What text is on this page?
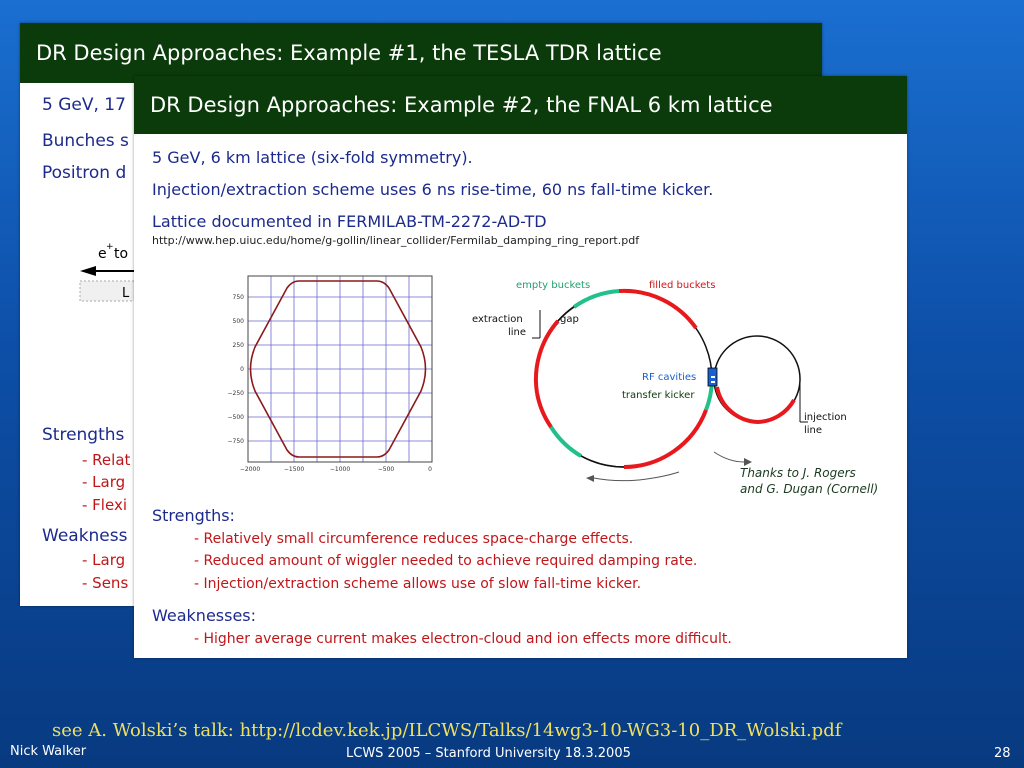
DR Design Approaches: Example #1, the TESLA TDR lattice
5 GeV, 17
Bunches s
Positron d
e + to
L
Strengths
- Relat
- Larg
- Flexi
Weakness
- Larg
- Sens
DR Design Approaches: Example #2, the FNAL 6 km lattice
5 GeV, 6 km lattice (six-fold symmetry).
Injection/extraction scheme uses 6 ns rise-time, 60 ns fall-time kicker.
Lattice documented in FERMILAB-TM-2272-AD-TD
http://www.hep.uiuc.edu/home/g-gollin/linear_collider/Fermilab_damping_ring_report.pdf
750
500
250
0
−250
−500
−750
−2000	−1500	−1000	−500	0
empty buckets	filled buckets
extraction
line
gap
RF cavities
transfer kicker
injection
line
Thanks to J. Rogers
and G. Dugan (Cornell)
Strengths:
- Relatively small circumference reduces space-charge effects.
- Reduced amount of wiggler needed to achieve required damping rate.
- Injection/extraction scheme allows use of slow fall-time kicker.
Weaknesses:
- Higher average current makes electron-cloud and ion effects more difficult.
see A. Wolski’s talk: http://lcdev.kek.jp/ILCWS/Talks/14wg3-10-WG3-10_DR_Wolski.pdf
Nick Walker	LCWS 2005 – Stanford University 18.3.2005	28
